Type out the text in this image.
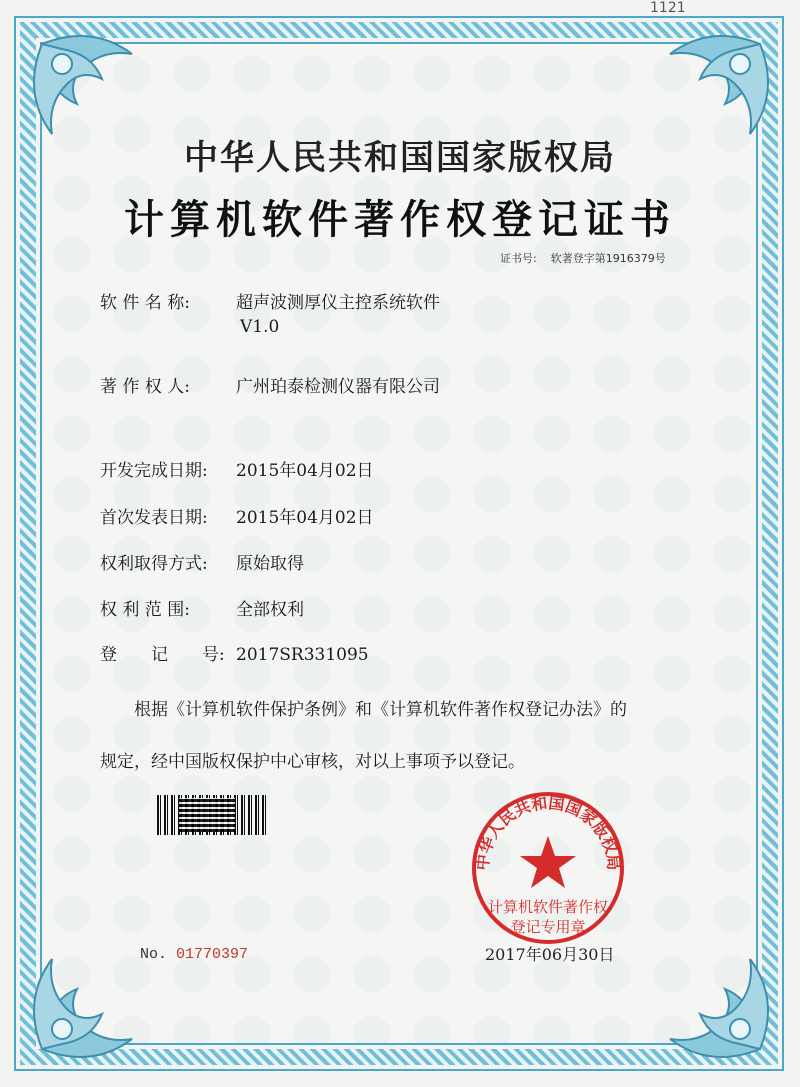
1121
中华人民共和国国家版权局
计算机软件著作权登记证书
证书号: 软著登字第1916379号
软 件 名 称:	超声波测厚仪主控系统软件
V1.0
著 作 权 人:	广州珀泰检测仪器有限公司
开发完成日期: 2015年04月02日
首次发表日期: 2015年04月02日
权利取得方式: 原始取得
权 利 范 围:	全部权利
登　　记　　号: 2017SR331095
根据《计算机软件保护条例》和《计算机软件著作权登记办法》的
规定，经中国版权保护中心审核，对以上事项予以登记。
中华人民共和国国家版权局
计算机软件著作权
登记专用章
No. 01770397	2017年06月30日
